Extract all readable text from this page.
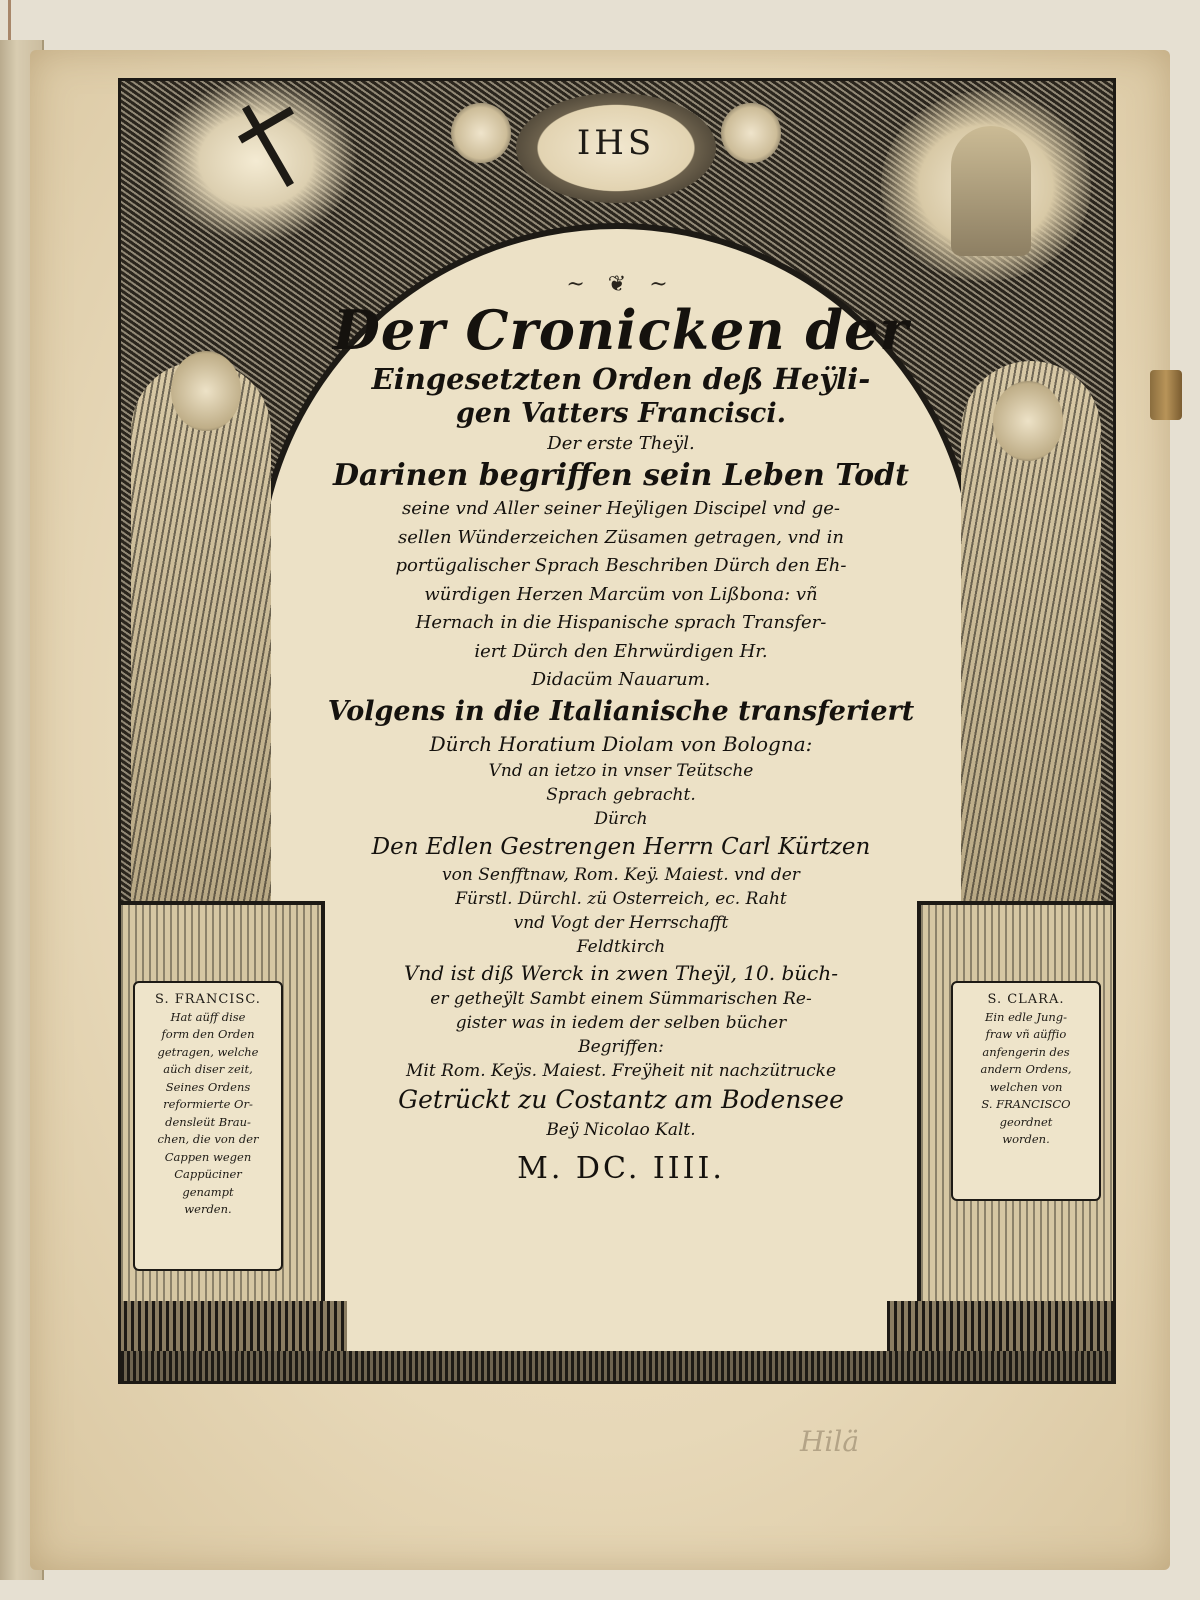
IHS
S. FRANCISC.
Hat aüff dise
form den Orden
getragen, welche
aüch diser zeit,
Seines Ordens
reformierte Or-
densleüt Brau-
chen, die von der
Cappen wegen
Cappüciner
genampt
werden.
S. CLARA.
Ein edle Jung-
fraw vñ aüffio
anfengerin des
andern Ordens,
welchen von
S. FRANCISCO
geordnet
worden.
~ ❦ ~
Der Cronicken der
Eingesetzten Orden deß Heÿli-
gen Vatters Francisci.
Der erste Theÿl.
Darinen begriffen sein Leben Todt
seine vnd Aller seiner Heÿligen Discipel vnd ge-
sellen Wünderzeichen Züsamen getragen, vnd in
portügalischer Sprach Beschriben Dürch den Eh-
würdigen Herzen Marcüm von Lißbona: vñ
Hernach in die Hispanische sprach Transfer-
iert Dürch den Ehrwürdigen Hr.
Didacüm Nauarum.
Volgens in die Italianische transferiert
Dürch Horatium Diolam von Bologna:
Vnd an ietzo in vnser Teütsche
Sprach gebracht.
Dürch
Den Edlen Gestrengen Herrn Carl Kürtzen
von Senfftnaw, Rom. Keÿ. Maiest. vnd der
Fürstl. Dürchl. zü Osterreich, ec. Raht
vnd Vogt der Herrschafft
Feldtkirch
Vnd ist diß Werck in zwen Theÿl, 10. büch-
er getheÿlt Sambt einem Sümmarischen Re-
gister was in iedem der selben bücher
Begriffen:
Mit Rom. Keÿs. Maiest. Freÿheit nit nachzütrucke
Getrückt zu Costantz am Bodensee
Beÿ Nicolao Kalt.
M. DC. IIII.
Hilä
